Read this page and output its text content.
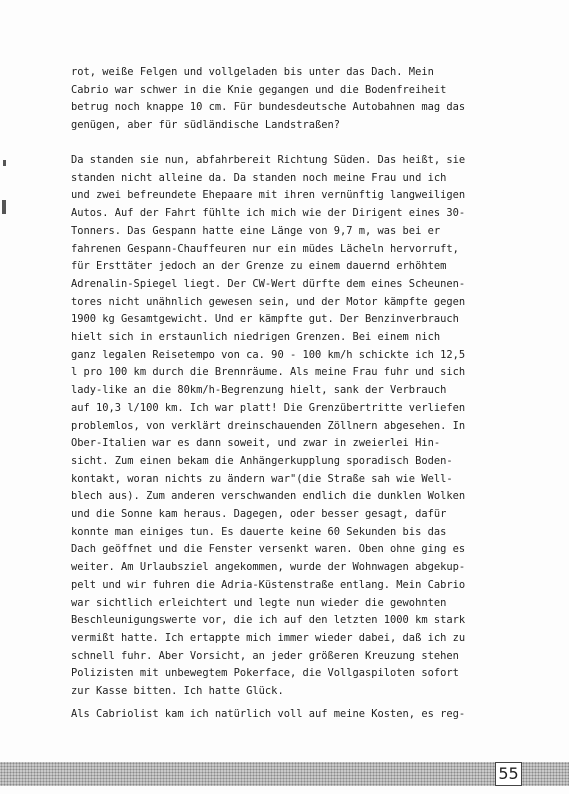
rot, weiße Felgen und vollgeladen bis unter das Dach. Mein
Cabrio war schwer in die Knie gegangen und die Bodenfreiheit
betrug noch knappe 10 cm. Für bundesdeutsche Autobahnen mag das
genügen, aber für südländische Landstraßen?
Da standen sie nun, abfahrbereit Richtung Süden. Das heißt, sie
standen nicht alleine da. Da standen noch meine Frau und ich
und zwei befreundete Ehepaare mit ihren vernünftig langweiligen
Autos. Auf der Fahrt fühlte ich mich wie der Dirigent eines 30-
Tonners. Das Gespann hatte eine Länge von 9,7 m, was bei er
fahrenen Gespann-Chauffeuren nur ein müdes Lächeln hervorruft,
für Ersttäter jedoch an der Grenze zu einem dauernd erhöhtem
Adrenalin-Spiegel liegt. Der CW-Wert dürfte dem eines Scheunen-
tores nicht unähnlich gewesen sein, und der Motor kämpfte gegen
1900 kg Gesamtgewicht. Und er kämpfte gut. Der Benzinverbrauch
hielt sich in erstaunlich niedrigen Grenzen. Bei einem nich
ganz legalen Reisetempo von ca. 90 - 100 km/h schickte ich 12,5
l pro 100 km durch die Brennräume. Als meine Frau fuhr und sich
lady-like an die 80km/h-Begrenzung hielt, sank der Verbrauch
auf 10,3 l/100 km. Ich war platt! Die Grenzübertritte verliefen
problemlos, von verklärt dreinschauenden Zöllnern abgesehen. In
Ober-Italien war es dann soweit, und zwar in zweierlei Hin-
sicht. Zum einen bekam die Anhängerkupplung sporadisch Boden-
kontakt, woran nichts zu ändern war"(die Straße sah wie Well-
blech aus). Zum anderen verschwanden endlich die dunklen Wolken
und die Sonne kam heraus. Dagegen, oder besser gesagt, dafür
konnte man einiges tun. Es dauerte keine 60 Sekunden bis das
Dach geöffnet und die Fenster versenkt waren. Oben ohne ging es
weiter. Am Urlaubsziel angekommen, wurde der Wohnwagen abgekup-
pelt und wir fuhren die Adria-Küstenstraße entlang. Mein Cabrio
war sichtlich erleichtert und legte nun wieder die gewohnten
Beschleunigungswerte vor, die ich auf den letzten 1000 km stark
vermißt hatte. Ich ertappte mich immer wieder dabei, daß ich zu
schnell fuhr. Aber Vorsicht, an jeder größeren Kreuzung stehen
Polizisten mit unbewegtem Pokerface, die Vollgaspiloten sofort
zur Kasse bitten. Ich hatte Glück.
Als Cabriolist kam ich natürlich voll auf meine Kosten, es reg-
55
